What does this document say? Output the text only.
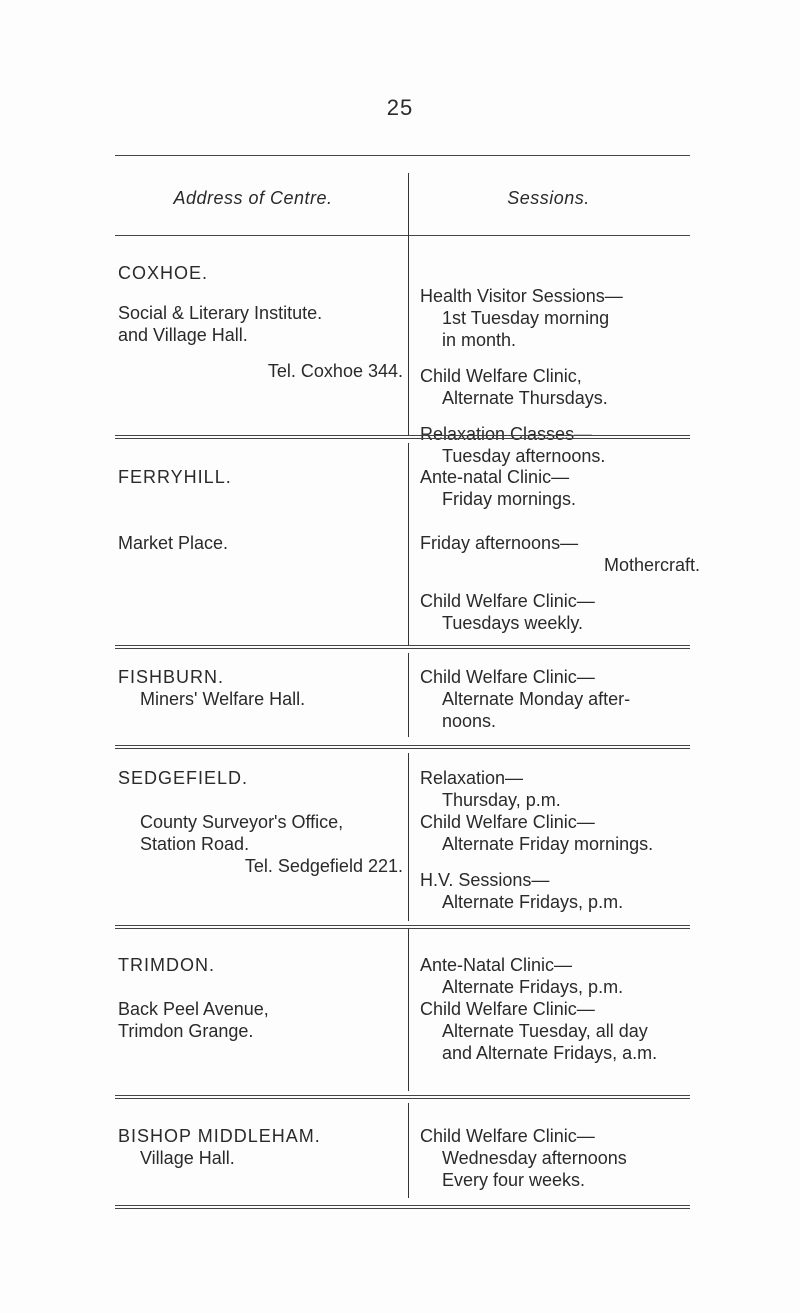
25
Address of Centre.	Sessions.
COXHOE.
Social & Literary Institute.
and Village Hall.
Tel. Coxhoe 344.
Health Visitor Sessions—
1st Tuesday morning
in month.
Child Welfare Clinic,
Alternate Thursdays.
Relaxation Classes—
Tuesday afternoons.
FERRYHILL.
Market Place.
Ante-natal Clinic—
Friday mornings.
Friday afternoons—
Mothercraft.
Child Welfare Clinic—
Tuesdays weekly.
FISHBURN.
Miners' Welfare Hall.
Child Welfare Clinic—
Alternate Monday after-
noons.
SEDGEFIELD.
County Surveyor's Office,
Station Road.
Tel. Sedgefield 221.
Relaxation—
Thursday, p.m.
Child Welfare Clinic—
Alternate Friday mornings.
H.V. Sessions—
Alternate Fridays, p.m.
TRIMDON.
Back Peel Avenue,
Trimdon Grange.
Ante-Natal Clinic—
Alternate Fridays, p.m.
Child Welfare Clinic—
Alternate Tuesday, all day
and Alternate Fridays, a.m.
BISHOP MIDDLEHAM.
Village Hall.
Child Welfare Clinic—
Wednesday afternoons
Every four weeks.
